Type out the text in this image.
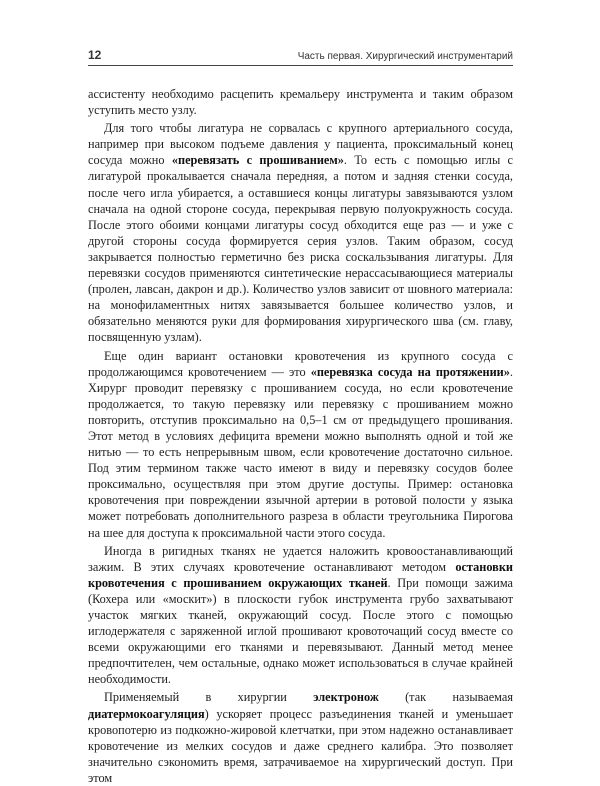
12	Часть первая. Хирургический инструментарий

ассистенту необходимо расцепить кремальеру инструмента и таким образом уступить место узлу.

Для того чтобы лигатура не сорвалась с крупного артериального сосуда, например при высоком подъеме давления у пациента, проксимальный конец сосуда можно «перевязать с прошиванием». То есть с помощью иглы с лигатурой прокалывается сначала передняя, а потом и задняя стенки сосуда, после чего игла убирается, а оставшиеся концы лигатуры завязываются узлом сначала на одной стороне сосуда, перекрывая первую полуокружность сосуда. После этого обоими концами лигатуры сосуд обходится еще раз — и уже с другой стороны сосуда формируется серия узлов. Таким образом, сосуд закрывается полностью герметично без риска соскальзывания лигатуры. Для перевязки сосудов применяются синтетические нерассасывающиеся материалы (пролен, лавсан, дакрон и др.). Количество узлов зависит от шовного материала: на монофиламентных нитях завязывается большее количество узлов, и обязательно меняются руки для формирования хирургического шва (см. главу, посвященную узлам).

Еще один вариант остановки кровотечения из крупного сосуда с продолжающимся кровотечением — это «перевязка сосуда на протяжении». Хирург проводит перевязку с прошиванием сосуда, но если кровотечение продолжается, то такую перевязку или перевязку с прошиванием можно повторить, отступив проксимально на 0,5–1 см от предыдущего прошивания. Этот метод в условиях дефицита времени можно выполнять одной и той же нитью — то есть непрерывным швом, если кровотечение достаточно сильное. Под этим термином также часто имеют в виду и перевязку сосудов более проксимально, осуществляя при этом другие доступы. Пример: остановка кровотечения при повреждении язычной артерии в ротовой полости у языка может потребовать дополнительного разреза в области треугольника Пирогова на шее для доступа к проксимальной части этого сосуда.

Иногда в ригидных тканях не удается наложить кровоостанавливающий зажим. В этих случаях кровотечение останавливают методом остановки кровотечения с прошиванием окружающих тканей. При помощи зажима (Кохера или «москит») в плоскости губок инструмента грубо захватывают участок мягких тканей, окружающий сосуд. После этого с помощью иглодержателя с заряженной иглой прошивают кровоточащий сосуд вместе со всеми окружающими его тканями и перевязывают. Данный метод менее предпочтителен, чем остальные, однако может использоваться в случае крайней необходимости.

Применяемый в хирургии электронож (так называемая диатермокоагуляция) ускоряет процесс разъединения тканей и уменьшает кровопотерю из подкожно-жировой клетчатки, при этом надежно останавливает кровотечение из мелких сосудов и даже среднего калибра. Это позволяет значительно сэкономить время, затрачиваемое на хирургический доступ. При этом
